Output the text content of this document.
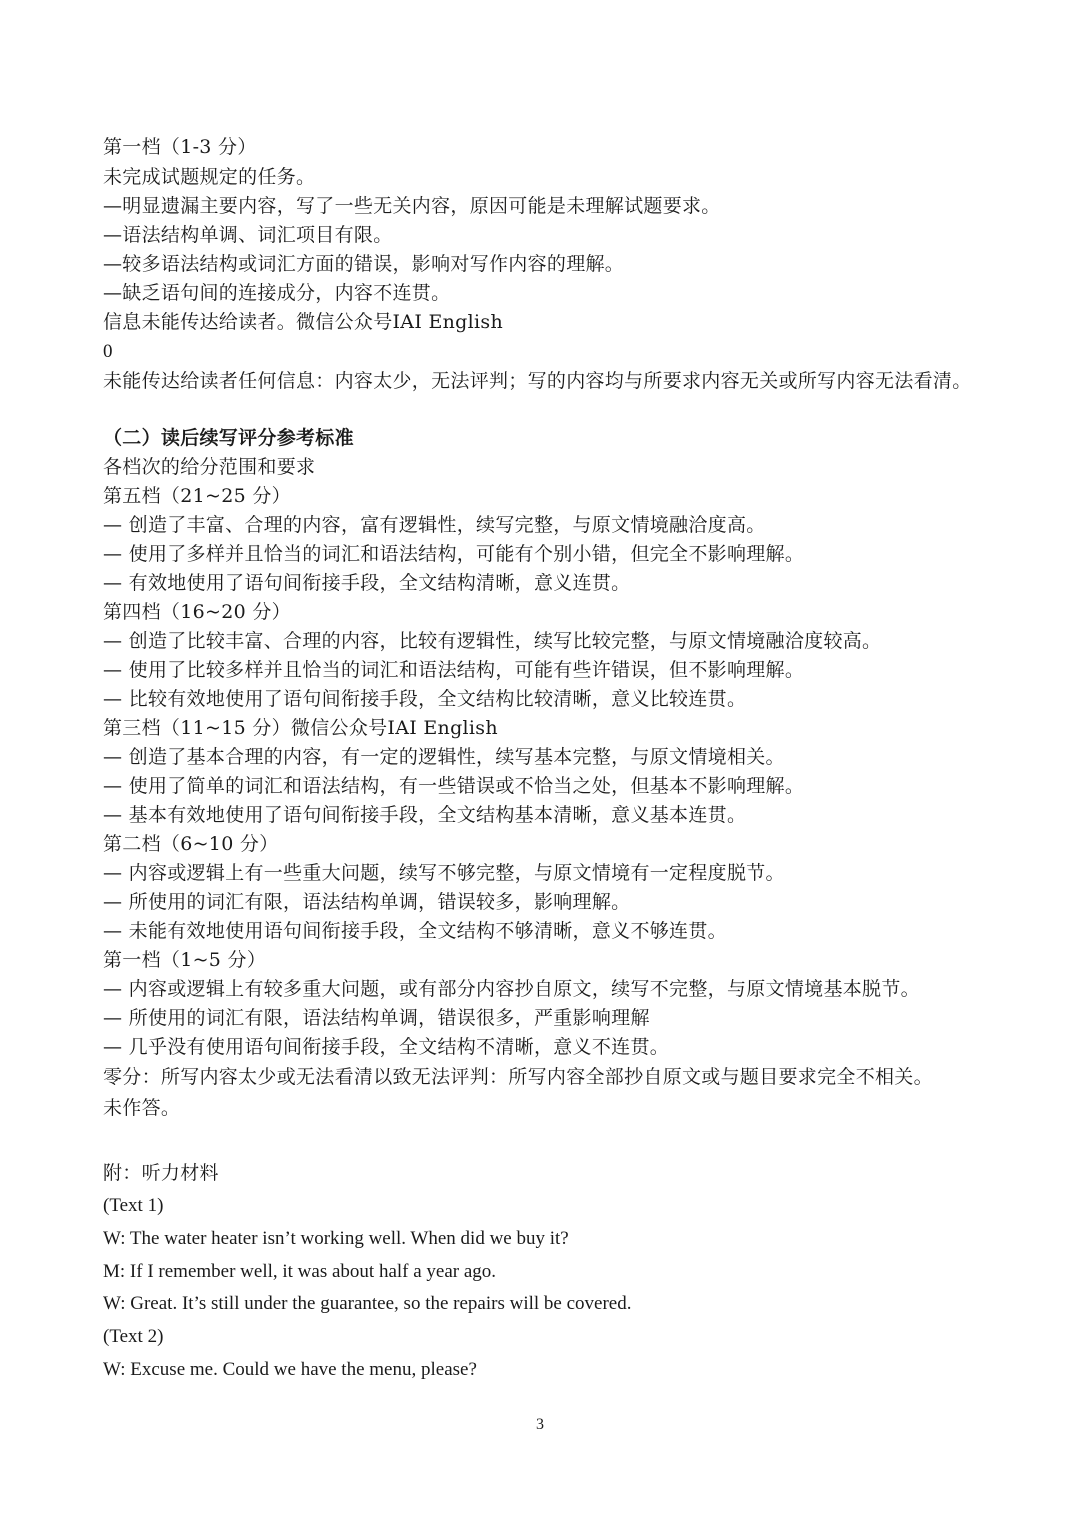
第一档（1-3 分）
未完成试题规定的任务。
—明显遗漏主要内容，写了一些无关内容，原因可能是未理解试题要求。
—语法结构单调、词汇项目有限。
—较多语法结构或词汇方面的错误，影响对写作内容的理解。
—缺乏语句间的连接成分，内容不连贯。
信息未能传达给读者。微信公众号IAI English
0
未能传达给读者任何信息：内容太少，无法评判；写的内容均与所要求内容无关或所写内容无法看清。
（二）读后续写评分参考标准
各档次的给分范围和要求
第五档（21~25 分）
— 创造了丰富、合理的内容，富有逻辑性，续写完整，与原文情境融洽度高。
— 使用了多样并且恰当的词汇和语法结构，可能有个别小错，但完全不影响理解。
— 有效地使用了语句间衔接手段，全文结构清晰，意义连贯。
第四档（16~20 分）
— 创造了比较丰富、合理的内容，比较有逻辑性，续写比较完整，与原文情境融洽度较高。
— 使用了比较多样并且恰当的词汇和语法结构，可能有些许错误，但不影响理解。
— 比较有效地使用了语句间衔接手段，全文结构比较清晰，意义比较连贯。
第三档（11~15 分）微信公众号IAI English
— 创造了基本合理的内容，有一定的逻辑性，续写基本完整，与原文情境相关。
— 使用了简单的词汇和语法结构，有一些错误或不恰当之处，但基本不影响理解。
— 基本有效地使用了语句间衔接手段，全文结构基本清晰，意义基本连贯。
第二档（6~10 分）
— 内容或逻辑上有一些重大问题，续写不够完整，与原文情境有一定程度脱节。
— 所使用的词汇有限，语法结构单调，错误较多，影响理解。
— 未能有效地使用语句间衔接手段，全文结构不够清晰，意义不够连贯。
第一档（1~5 分）
— 内容或逻辑上有较多重大问题，或有部分内容抄自原文，续写不完整，与原文情境基本脱节。
— 所使用的词汇有限，语法结构单调，错误很多，严重影响理解
— 几乎没有使用语句间衔接手段，全文结构不清晰，意义不连贯。
零分：所写内容太少或无法看清以致无法评判：所写内容全部抄自原文或与题目要求完全不相关。
未作答。
附：听力材料
(Text 1)
W: The water heater isn’t working well. When did we buy it?
M: If I remember well, it was about half a year ago.
W: Great. It’s still under the guarantee, so the repairs will be covered.
(Text 2)
W: Excuse me. Could we have the menu, please?
3
